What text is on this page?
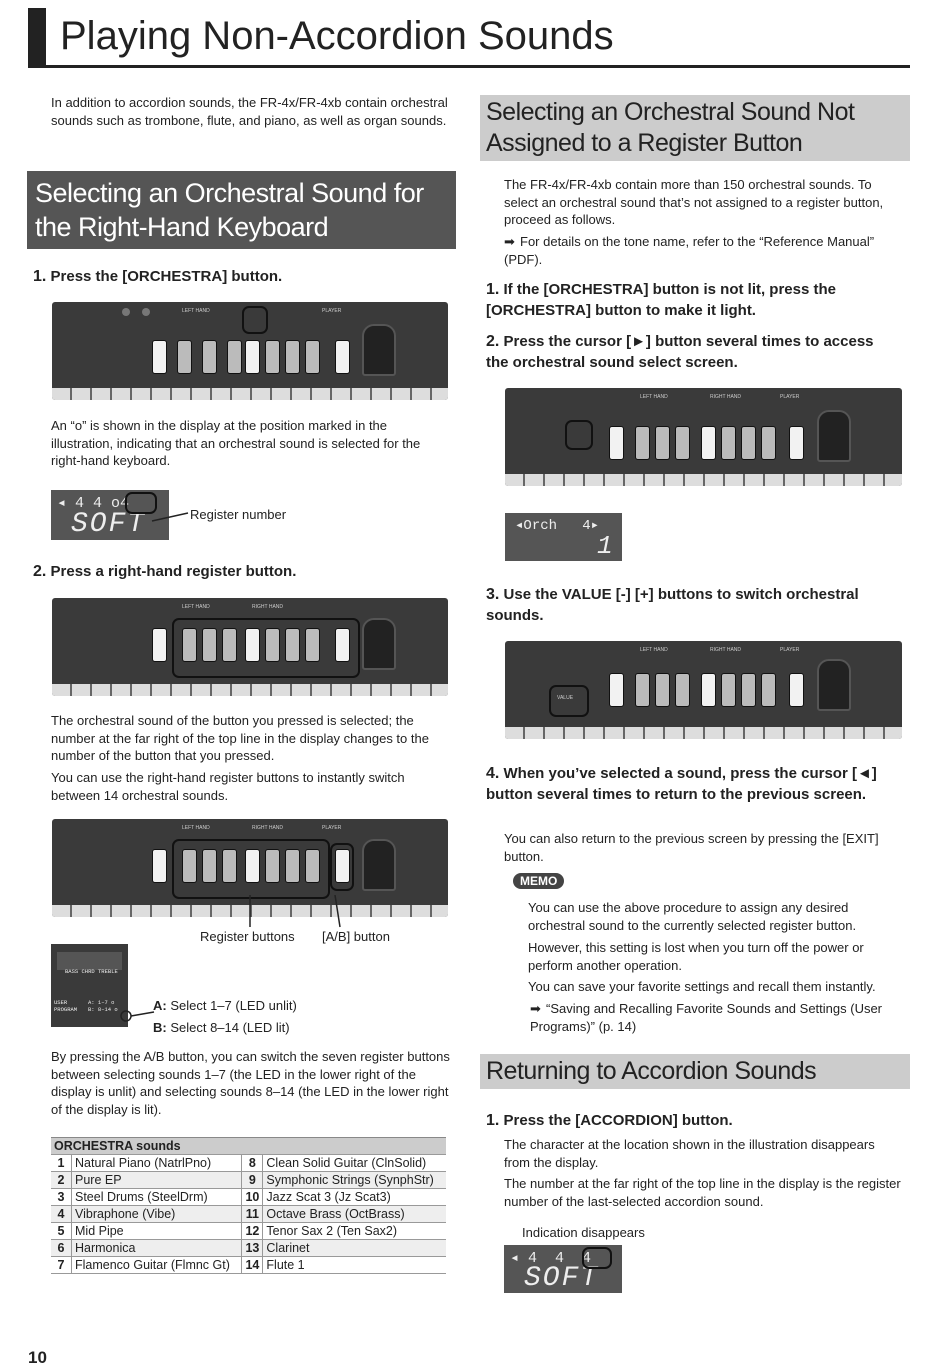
Playing Non-Accordion Sounds
In addition to accordion sounds, the FR-4x/FR-4xb contain orchestral sounds such as trombone, flute, and piano, as well as organ sounds.
Selecting an Orchestral Sound for the Right-Hand Keyboard
1. Press the [ORCHESTRA] button.
LEFT HAND	PLAYER
An “o” is shown in the display at the position marked in the illustration, indicating that an orchestral sound is selected for the right-hand keyboard.
◂ 4 4 o4
SOFT	Register number
2. Press a right-hand register button.
LEFT HAND	RIGHT HAND
The orchestral sound of the button you pressed is selected; the number at the far right of the top line in the display changes to the number of the button that you pressed.
You can use the right-hand register buttons to instantly switch between 14 orchestral sounds.
LEFT HAND	RIGHT HAND	PLAYER
Register buttons [A/B] button
BASS CHRD TREBLE
USER PROGRAM
A: 1–7 o
B: 8–14 o	A: Select 1–7 (LED unlit)
B: Select 8–14 (LED lit)
By pressing the A/B button, you can switch the seven register buttons between selecting sounds 1–7 (the LED in the lower right of the display is unlit) and selecting sounds 8–14 (the LED in the lower right of the display is lit).
ORCHESTRA sounds			
1	Natural Piano (NatrlPno)	8	Clean Solid Guitar (ClnSolid)
2	Pure EP	9	Symphonic Strings (SynphStr)
3	Steel Drums (SteelDrm)	10	Jazz Scat 3 (Jz Scat3)
4	Vibraphone (Vibe)	11	Octave Brass (OctBrass)
5	Mid Pipe	12	Tenor Sax 2 (Ten Sax2)
6	Harmonica	13	Clarinet
7	Flamenco Guitar (Flmnc Gt)	14	Flute 1
10
Selecting an Orchestral Sound Not Assigned to a Register Button
The FR-4x/FR-4xb contain more than 150 orchestral sounds. To select an orchestral sound that’s not assigned to a register button, proceed as follows.
➡ For details on the tone name, refer to the “Reference Manual” (PDF).
1. If the [ORCHESTRA] button is not lit, press the [ORCHESTRA] button to make it light.
2. Press the cursor [►] button several times to access the orchestral sound select screen.
LEFT HAND	RIGHT HAND	PLAYER
◂Orch   4▸
1
3. Use the VALUE [-] [+] buttons to switch orchestral sounds.
LEFT HAND	RIGHT HAND	PLAYER
VALUE
4. When you’ve selected a sound, press the cursor [◄] button several times to return to the previous screen.
You can also return to the previous screen by pressing the [EXIT] button.
MEMO
You can use the above procedure to assign any desired orchestral sound to the currently selected register button.
However, this setting is lost when you turn off the power or perform another operation.
You can save your favorite settings and recall them instantly.
➡ “Saving and Recalling Favorite Sounds and Settings (User Programs)” (p. 14)
Returning to Accordion Sounds
1. Press the [ACCORDION] button.
The character at the location shown in the illustration disappears from the display.
The number at the far right of the top line in the display is the register number of the last-selected accordion sound.
Indication disappears
◂ 4  4  4
SOFT
